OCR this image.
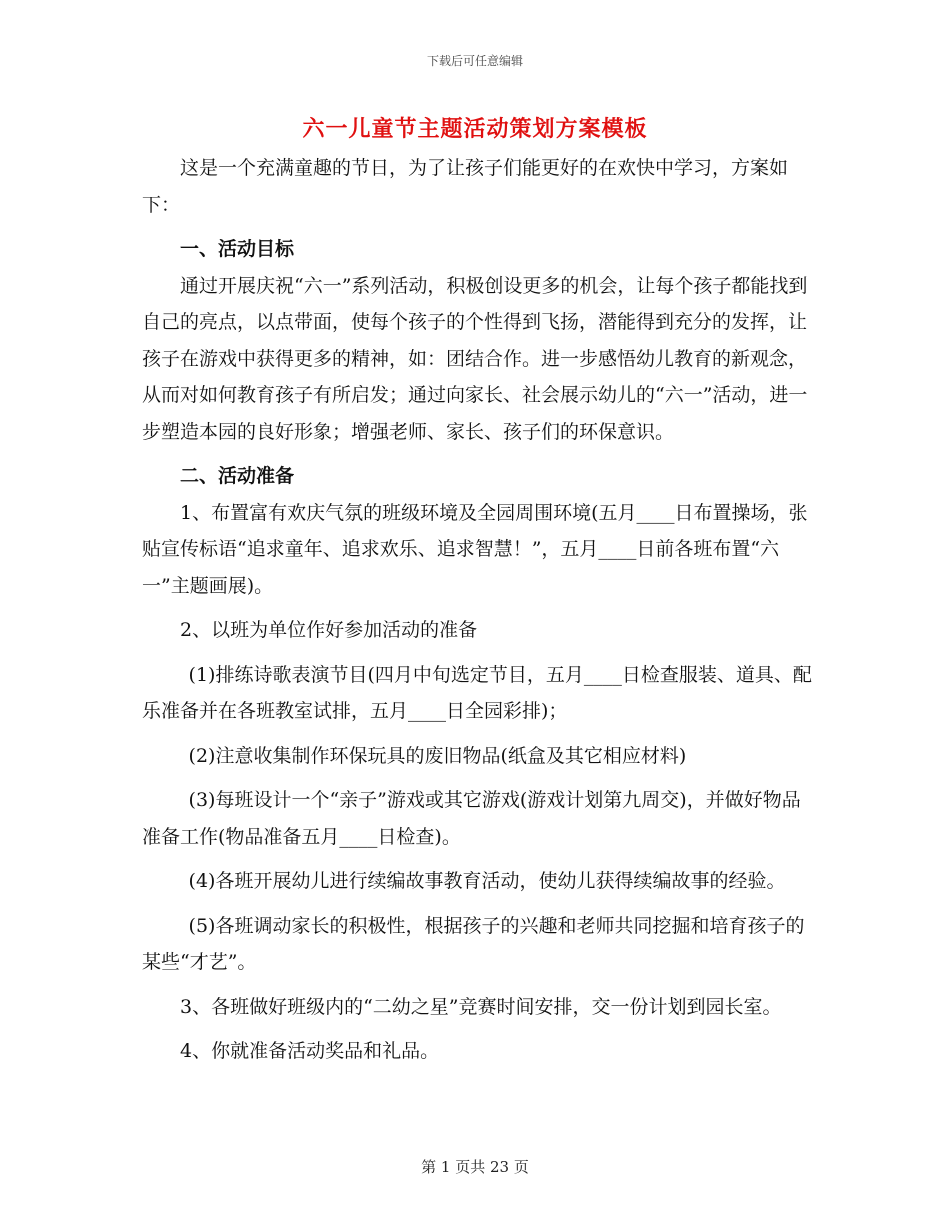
下载后可任意编辑
六一儿童节主题活动策划方案模板

这是一个充满童趣的节日，为了让孩子们能更好的在欢快中学习，方案如下：

一、活动目标

通过开展庆祝“六一”系列活动，积极创设更多的机会，让每个孩子都能找到自己的亮点，以点带面，使每个孩子的个性得到飞扬，潜能得到充分的发挥，让孩子在游戏中获得更多的精神，如：团结合作。进一步感悟幼儿教育的新观念，从而对如何教育孩子有所启发；通过向家长、社会展示幼儿的“六一”活动，进一步塑造本园的良好形象；增强老师、家长、孩子们的环保意识。

二、活动准备

1、布置富有欢庆气氛的班级环境及全园周围环境(五月____日布置操场，张贴宣传标语“追求童年、追求欢乐、追求智慧！”，五月____日前各班布置“六一”主题画展)。

2、以班为单位作好参加活动的准备

(1)排练诗歌表演节目(四月中旬选定节目，五月____日检查服装、道具、配乐准备并在各班教室试排，五月____日全园彩排)；

(2)注意收集制作环保玩具的废旧物品(纸盒及其它相应材料)

(3)每班设计一个“亲子”游戏或其它游戏(游戏计划第九周交)，并做好物品准备工作(物品准备五月____日检查)。

(4)各班开展幼儿进行续编故事教育活动，使幼儿获得续编故事的经验。

(5)各班调动家长的积极性，根据孩子的兴趣和老师共同挖掘和培育孩子的某些“才艺”。

3、各班做好班级内的“二幼之星”竞赛时间安排，交一份计划到园长室。

4、你就准备活动奖品和礼品。

第 1 页共 23 页
